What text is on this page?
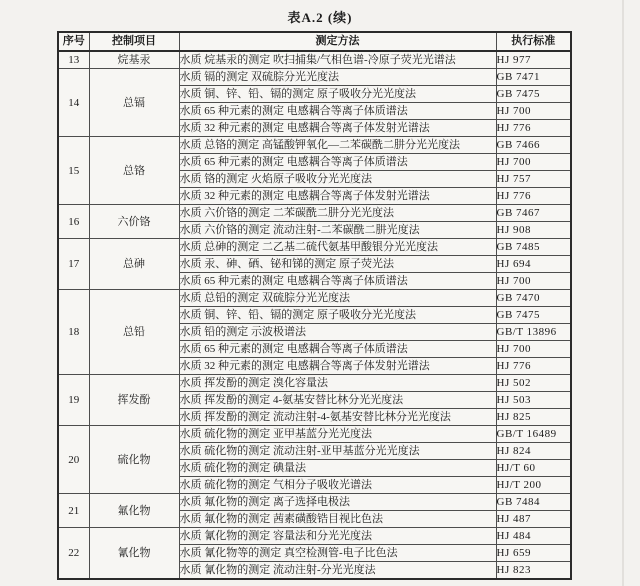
表A.2 (续)
序号	控制项目	测定方法	执行标准
13	烷基汞	水质 烷基汞的测定 吹扫捕集/气相色谱-冷原子荧光光谱法	HJ 977
14	总镉	水质 镉的测定 双硫腙分光光度法	GB 7471
		水质 铜、锌、铅、镉的测定 原子吸收分光光度法	GB 7475
		水质 65 种元素的测定 电感耦合等离子体质谱法	HJ 700
		水质 32 种元素的测定 电感耦合等离子体发射光谱法	HJ 776
15	总铬	水质 总铬的测定 高锰酸钾氧化—二苯碳酰二肼分光光度法	GB 7466
		水质 65 种元素的测定 电感耦合等离子体质谱法	HJ 700
		水质 铬的测定 火焰原子吸收分光光度法	HJ 757
		水质 32 种元素的测定 电感耦合等离子体发射光谱法	HJ 776
16	六价铬	水质 六价铬的测定 二苯碳酰二肼分光光度法	GB 7467
		水质 六价铬的测定 流动注射-二苯碳酰二肼光度法	HJ 908
17	总砷	水质 总砷的测定 二乙基二硫代氨基甲酸银分光光度法	GB 7485
		水质 汞、砷、硒、铋和锑的测定 原子荧光法	HJ 694
		水质 65 种元素的测定 电感耦合等离子体质谱法	HJ 700
18	总铅	水质 总铅的测定 双硫腙分光光度法	GB 7470
		水质 铜、锌、铅、镉的测定 原子吸收分光光度法	GB 7475
		水质 铅的测定 示波极谱法	GB/T 13896
		水质 65 种元素的测定 电感耦合等离子体质谱法	HJ 700
		水质 32 种元素的测定 电感耦合等离子体发射光谱法	HJ 776
19	挥发酚	水质 挥发酚的测定 溴化容量法	HJ 502
		水质 挥发酚的测定 4-氨基安替比林分光光度法	HJ 503
		水质 挥发酚的测定 流动注射-4-氨基安替比林分光光度法	HJ 825
20	硫化物	水质 硫化物的测定 亚甲基蓝分光光度法	GB/T 16489
		水质 硫化物的测定 流动注射-亚甲基蓝分光光度法	HJ 824
		水质 硫化物的测定 碘量法	HJ/T 60
		水质 硫化物的测定 气相分子吸收光谱法	HJ/T 200
21	氟化物	水质 氟化物的测定 离子选择电极法	GB 7484
		水质 氟化物的测定 茜素磺酸锆目视比色法	HJ 487
22	氰化物	水质 氰化物的测定 容量法和分光光度法	HJ 484
		水质 氰化物等的测定 真空检测管-电子比色法	HJ 659
		水质 氰化物的测定 流动注射-分光光度法	HJ 823
